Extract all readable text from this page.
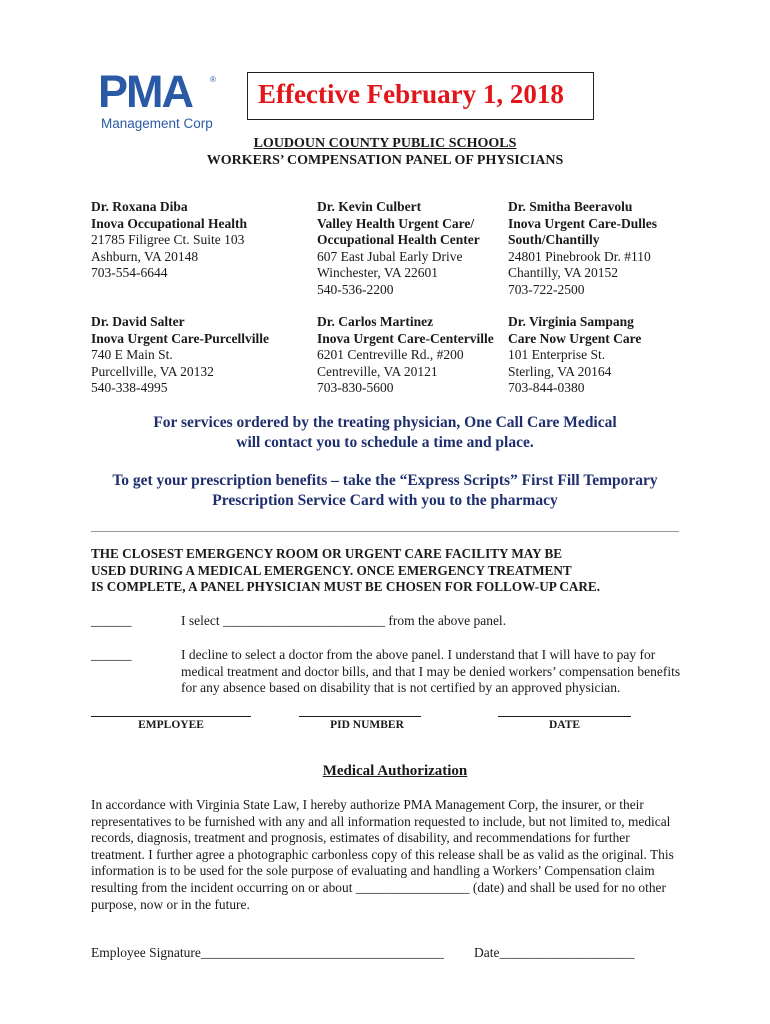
PMA ®
Management Corp
Effective February 1, 2018
LOUDOUN COUNTY PUBLIC SCHOOLS
WORKERS’ COMPENSATION PANEL OF PHYSICIANS
Dr. Roxana Diba
Inova Occupational Health
21785 Filigree Ct. Suite 103
Ashburn, VA 20148
703-554-6644
Dr. Kevin Culbert
Valley Health Urgent Care/
Occupational Health Center
607 East Jubal Early Drive
Winchester, VA 22601
540-536-2200
Dr. Smitha Beeravolu
Inova Urgent Care-Dulles
South/Chantilly
24801 Pinebrook Dr. #110
Chantilly, VA 20152
703-722-2500
Dr. David Salter
Inova Urgent Care-Purcellville
740 E Main St.
Purcellville, VA 20132
540-338-4995
Dr. Carlos Martinez
Inova Urgent Care-Centerville
6201 Centreville Rd., #200
Centreville, VA 20121
703-830-5600
Dr. Virginia Sampang
Care Now Urgent Care
101 Enterprise St.
Sterling, VA 20164
703-844-0380
For services ordered by the treating physician, One Call Care Medical
will contact you to schedule a time and place.
To get your prescription benefits – take the “Express Scripts” First Fill Temporary
Prescription Service Card with you to the pharmacy
THE CLOSEST EMERGENCY ROOM OR URGENT CARE FACILITY MAY BE
USED DURING A MEDICAL EMERGENCY. ONCE EMERGENCY TREATMENT
IS COMPLETE, A PANEL PHYSICIAN MUST BE CHOSEN FOR FOLLOW-UP CARE.
______	I select ________________________ from the above panel.
______	I decline to select a doctor from the above panel. I understand that I will have to pay for
medical treatment and doctor bills, and that I may be denied workers’ compensation benefits
for any absence based on disability that is not certified by an approved physician.
EMPLOYEE	PID NUMBER	DATE
Medical Authorization
In accordance with Virginia State Law, I hereby authorize PMA Management Corp, the insurer, or their
representatives to be furnished with any and all information requested to include, but not limited to, medical
records, diagnosis, treatment and prognosis, estimates of disability, and recommendations for further
treatment. I further agree a photographic carbonless copy of this release shall be as valid as the original. This
information is to be used for the sole purpose of evaluating and handling a Workers’ Compensation claim
resulting from the incident occurring on or about _________________ (date) and shall be used for no other
purpose, now or in the future.
Employee Signature____________________________________ Date____________________
